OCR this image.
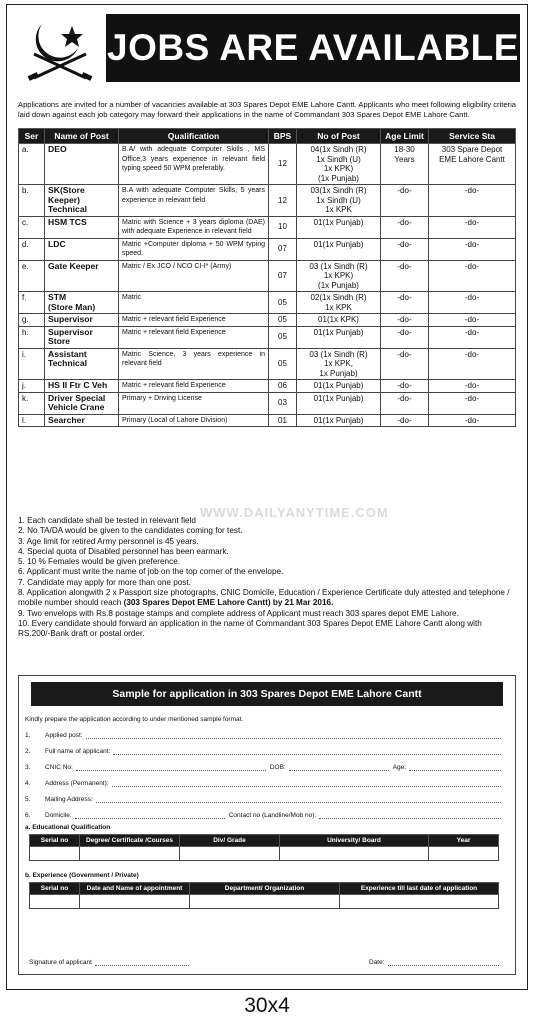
JOBS ARE AVAILABLE
Applications are invited for a number of vacancies available at 303 Spares Depot EME Lahore Cantt. Applicants who meet following eligibility criteria laid down against each job category may forward their applications in the name of Commandant 303 Spares Depot EME Lahore Cantt.
Ser	Name of Post	Qualification	BPS	No of Post	Age Limit	Service Sta
a.	DEO	B.A/ with adequate Computer Skills , MS Office,3 years experience in relevant field typing speed 50 WPM preferably.	12	04(1x Sindh (R)
1x Sindh (U)
1x KPK)
(1x Punjab)	18-30
Years	303 Spare Depot
EME Lahore Cantt
b.	SK(Store
Keeper)
Technical	B.A with adequate Computer Skills, 5 years experience in relevant field	12	03(1x Sindh (R)
1x Sindh (U)
1x KPK	-do-	-do-
c.	HSM TCS	Matric with Science + 3 years diploma (DAE) with adequate Experience in relevant field	10	01(1x Punjab)	-do-	-do-
d.	LDC	Matric +Computer diploma + 50 WPM typing speed.	07	01(1x Punjab)	-do-	-do-
e.	Gate Keeper	Matric / Ex JCO / NCO CI-I* (Army)	07	03 (1x Sindh (R)
1x KPK)
(1x Punjab)	-do-	-do-
f.	STM
(Store Man)	Matric	05	02(1x Sindh (R)
1x KPK	-do-	-do-
g.	Supervisor	Matric + relevant field Experience	05	01(1x KPK)	-do-	-do-
h.	Supervisor Store	Matric + relevant field Experience	05	01(1x Punjab)	-do-	-do-
i.	Assistant
Technical	Matric Science, 3 years experience in relevant field	05	03 (1x Sindh (R)
1x KPK,
1x Punjab)	-do-	-do-
j.	HS II Ftr C Veh	Matric + relevant field Experience	06	01(1x Punjab)	-do-	-do-
k.	Driver Special
Vehicle Crane	Primary + Driving License	03	01(1x Punjab)	-do-	-do-
l.	Searcher	Primary (Local of Lahore Division)	01	01(1x Punjab)	-do-	-do-
WWW.DAILYANYTIME.COM

1. Each candidate shall be tested in relevant field

2. No TA/DA would be given to the candidates coming for test.

3. Age limit for retired Army personnel is 45 years.

4. Special quota of Disabled personnel has been earmark.

5. 10 % Females would be given preference.

6. Applicant must write the name of job on the top corner of the envelope.

7. Candidate may apply for more than one post.

8. Application alongwith 2 x Passport size photographs, CNIC Domicile, Education / Experience Certificate duly attested and telephone / mobile number should reach (303 Spares Depot EME Lahore Cantt) by 21 Mar 2016.

9. Two envelops with Rs.8 postage stamps and complete address of Applicant must reach 303 spares depot EME Lahore.

10. Every candidate should forward an application in the name of Commandant 303 Spares Depot EME Lahore Cantt along with RS.200/-Bank draft or postal order.

Sample for application in 303 Spares Depot EME Lahore Cantt
Kindly prepare the application according to under mentioned sample format.
1.	Applied post:
2.	Full name of applicant:
3.	CNIC No:	DOB:	Age:
4.	Address (Permanent):
5.	Mailing Address:
6.	Domicile:	Contact no (Landline/Mob no):
a. Educational Qualification
Serial no	Degree/ Certificate /Courses	Div/ Grade	University/ Board	Year

b. Experience (Government / Private)
Serial no	Date and Name of appointment	Department/ Organization	Experience till last date of application

Signature of applicant	Date:
30x4
